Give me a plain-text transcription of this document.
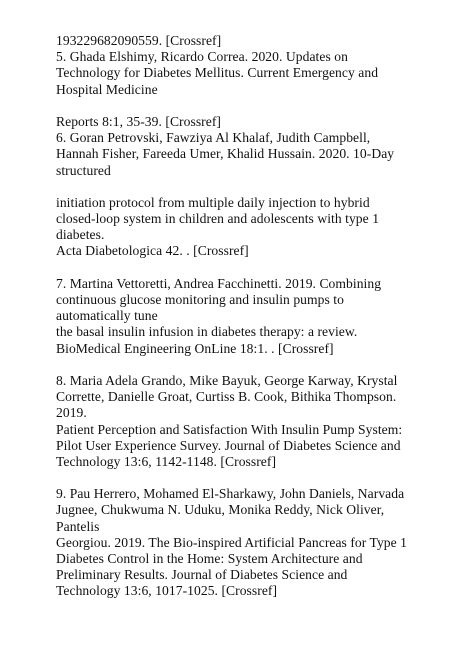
193229682090559. [Crossref]
5. Ghada Elshimy, Ricardo Correa. 2020. Updates on
Technology for Diabetes Mellitus. Current Emergency and
Hospital Medicine
Reports 8:1, 35-39. [Crossref]
6. Goran Petrovski, Fawziya Al Khalaf, Judith Campbell,
Hannah Fisher, Fareeda Umer, Khalid Hussain. 2020. 10-Day
structured
initiation protocol from multiple daily injection to hybrid
closed-loop system in children and adolescents with type 1
diabetes.
Acta Diabetologica 42. . [Crossref]
7. Martina Vettoretti, Andrea Facchinetti. 2019. Combining
continuous glucose monitoring and insulin pumps to
automatically tune
the basal insulin infusion in diabetes therapy: a review.
BioMedical Engineering OnLine 18:1. . [Crossref]
8. Maria Adela Grando, Mike Bayuk, George Karway, Krystal
Corrette, Danielle Groat, Curtiss B. Cook, Bithika Thompson.
2019.
Patient Perception and Satisfaction With Insulin Pump System:
Pilot User Experience Survey. Journal of Diabetes Science and
Technology 13:6, 1142-1148. [Crossref]
9. Pau Herrero, Mohamed El-Sharkawy, John Daniels, Narvada
Jugnee, Chukwuma N. Uduku, Monika Reddy, Nick Oliver,
Pantelis
Georgiou. 2019. The Bio-inspired Artificial Pancreas for Type 1
Diabetes Control in the Home: System Architecture and
Preliminary Results. Journal of Diabetes Science and
Technology 13:6, 1017-1025. [Crossref]
